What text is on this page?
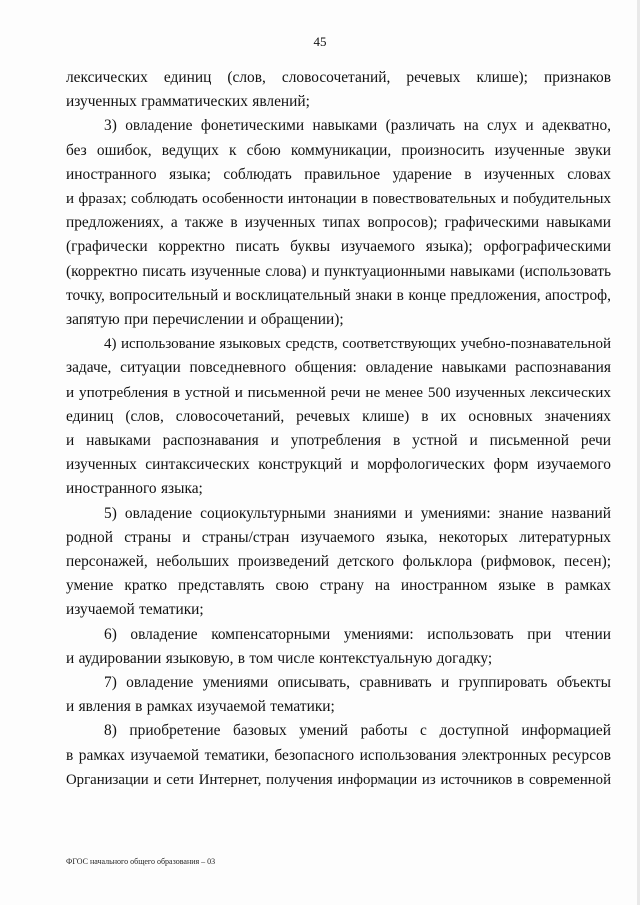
45
лексических единиц (слов, словосочетаний, речевых клише); признаков
изученных грамматических явлений;
3) овладение фонетическими навыками (различать на слух и адекватно,
без ошибок, ведущих к сбою коммуникации, произносить изученные звуки
иностранного языка; соблюдать правильное ударение в изученных словах
и фразах; соблюдать особенности интонации в повествовательных и побудительных
предложениях, а также в изученных типах вопросов); графическими навыками
(графически корректно писать буквы изучаемого языка); орфографическими
(корректно писать изученные слова) и пунктуационными навыками (использовать
точку, вопросительный и восклицательный знаки в конце предложения, апостроф,
запятую при перечислении и обращении);
4) использование языковых средств, соответствующих учебно-познавательной
задаче, ситуации повседневного общения: овладение навыками распознавания
и употребления в устной и письменной речи не менее 500 изученных лексических
единиц (слов, словосочетаний, речевых клише) в их основных значениях
и навыками распознавания и употребления в устной и письменной речи
изученных синтаксических конструкций и морфологических форм изучаемого
иностранного языка;
5) овладение социокультурными знаниями и умениями: знание названий
родной страны и страны/стран изучаемого языка, некоторых литературных
персонажей, небольших произведений детского фольклора (рифмовок, песен);
умение кратко представлять свою страну на иностранном языке в рамках
изучаемой тематики;
6) овладение компенсаторными умениями: использовать при чтении
и аудировании языковую, в том числе контекстуальную догадку;
7) овладение умениями описывать, сравнивать и группировать объекты
и явления в рамках изучаемой тематики;
8) приобретение базовых умений работы с доступной информацией
в рамках изучаемой тематики, безопасного использования электронных ресурсов
Организации и сети Интернет, получения информации из источников в современной
ФГОС начального общего образования – 03
